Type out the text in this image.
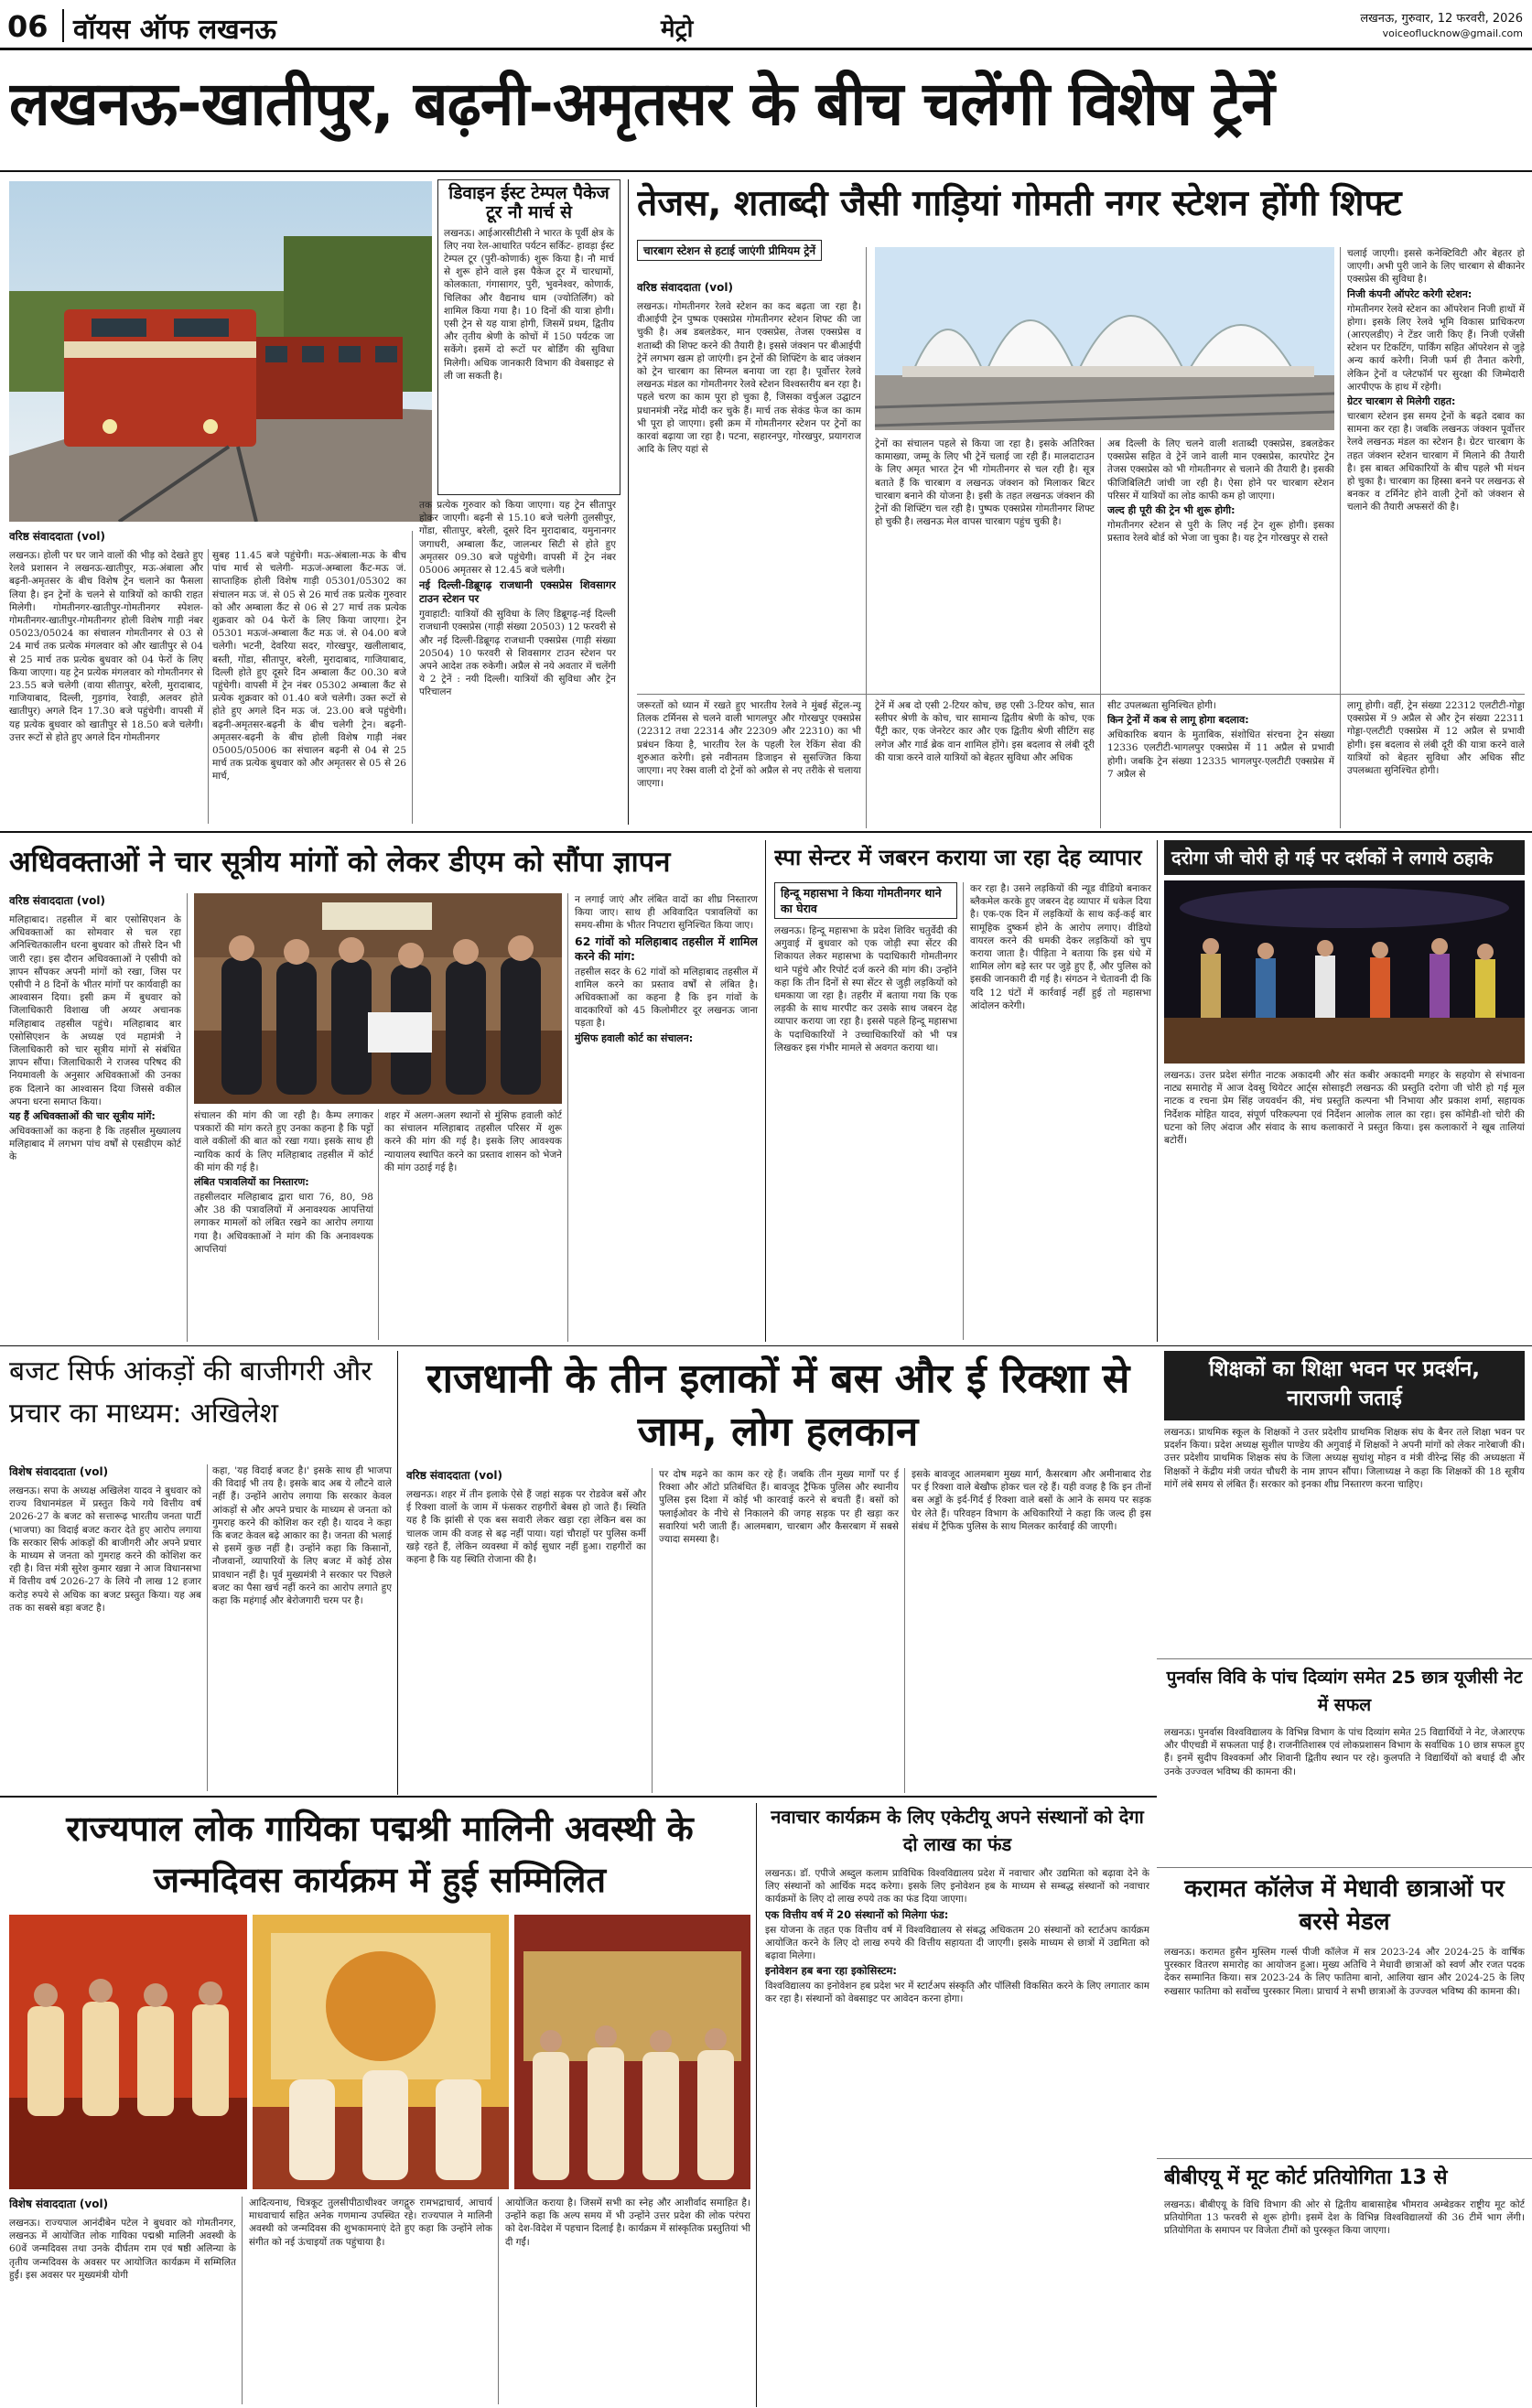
06 वॉयस ऑफ लखनऊ	मेट्रो	लखनऊ, गुरुवार, 12 फरवरी, 2026
voiceoflucknow@gmail.com
लखनऊ-खातीपुर, बढ़नी-अमृतसर के बीच चलेंगी विशेष ट्रेनें
वरिष्ठ संवाददाता (vol)
लखनऊ। होली पर घर जाने वालों की भीड़ को देखते हुए रेलवे प्रशासन ने लखनऊ-खातीपुर, मऊ-अंबाला और बढ़नी-अमृतसर के बीच विशेष ट्रेन चलाने का फैसला लिया है। इन ट्रेनों के चलने से यात्रियों को काफी राहत मिलेगी। गोमतीनगर-खातीपुर-गोमतीनगर स्पेशल- गोमतीनगर-खातीपुर-गोमतीनगर होली विशेष गाड़ी नंबर 05023/05024 का संचालन गोमतीनगर से 03 से 24 मार्च तक प्रत्येक मंगलवार को और खातीपुर से 04 से 25 मार्च तक प्रत्येक बुधवार को 04 फेरों के लिए किया जाएगा। यह ट्रेन प्रत्येक मंगलवार को गोमतीनगर से 23.55 बजे चलेगी (वाया सीतापुर, बरेली, मुरादाबाद, गाजियाबाद, दिल्ली, गुड़गांव, रेवाड़ी, अलवर होते खातीपुर) अगले दिन 17.30 बजे पहुंचेगी। वापसी में यह प्रत्येक बुधवार को खातीपुर से 18.50 बजे चलेगी। उत्तर रूटों से होते हुए अगले दिन गोमतीनगर
सुबह 11.45 बजे पहुंचेगी। मऊ-अंबाला-मऊ के बीच पांच मार्च से चलेगी- मऊजं-अम्बाला कैंट-मऊ जं. साप्ताहिक होली विशेष गाड़ी 05301/05302 का संचालन मऊ जं. से 05 से 26 मार्च तक प्रत्येक गुरुवार को और अम्बाला कैंट से 06 से 27 मार्च तक प्रत्येक शुक्रवार को 04 फेरों के लिए किया जाएगा। ट्रेन 05301 मऊजं-अम्बाला कैंट मऊ जं. से 04.00 बजे चलेगी। भटनी, देवरिया सदर, गोरखपुर, खलीलाबाद, बस्ती, गोंडा, सीतापुर, बरेली, मुरादाबाद, गाजियाबाद, दिल्ली होते हुए दूसरे दिन अम्बाला कैंट 00.30 बजे पहुंचेगी। वापसी में ट्रेन नंबर 05302 अम्बाला कैंट से प्रत्येक शुक्रवार को 01.40 बजे चलेगी। उक्त रूटों से होते हुए अगले दिन मऊ जं. 23.00 बजे पहुंचेगी। बढ़नी-अमृतसर-बढ़नी के बीच चलेगी ट्रेन। बढ़नी-अमृतसर-बढ़नी के बीच होली विशेष गाड़ी नंबर 05005/05006 का संचालन बढ़नी से 04 से 25 मार्च तक प्रत्येक बुधवार को और अमृतसर से 05 से 26 मार्च,

तक प्रत्येक गुरुवार को किया जाएगा। यह ट्रेन सीतापुर होकर जाएगी। बढ़नी से 15.10 बजे चलेगी तुलसीपुर, गोंडा, सीतापुर, बरेली, दूसरे दिन मुरादाबाद, यमुनानगर जगाधरी, अम्बाला कैंट, जालन्धर सिटी से होते हुए अमृतसर 09.30 बजे पहुंचेगी। वापसी में ट्रेन नंबर 05006 अमृतसर से 12.45 बजे चलेगी।

नई दिल्ली-डिब्रूगढ़ राजधानी एक्सप्रेस शिवसागर टाउन स्टेशन पर

गुवाहाटी: यात्रियों की सुविधा के लिए डिब्रूगढ़-नई दिल्ली राजधानी एक्सप्रेस (गाड़ी संख्या 20503) 12 फरवरी से और नई दिल्ली-डिब्रूगढ़ राजधानी एक्सप्रेस (गाड़ी संख्या 20504) 10 फरवरी से शिवसागर टाउन स्टेशन पर अपने आदेश तक रुकेगी। अप्रैल से नये अवतार में चलेंगी ये 2 ट्रेनें : नयी दिल्ली। यात्रियों की सुविधा और ट्रेन परिचालन

डिवाइन ईस्ट टेम्पल पैकेज टूर नौ मार्च से
लखनऊ। आईआरसीटीसी ने भारत के पूर्वी क्षेत्र के लिए नया रेल-आधारित पर्यटन सर्किट- हावड़ा ईस्ट टेम्पल टूर (पुरी-कोणार्क) शुरू किया है। नौ मार्च से शुरू होने वाले इस पैकेज टूर में चारधामों, कोलकाता, गंगासागर, पुरी, भुवनेश्वर, कोणार्क, चिलिका और वैद्यनाथ धाम (ज्योतिर्लिंग) को शामिल किया गया है। 10 दिनों की यात्रा होगी। एसी ट्रेन से यह यात्रा होगी, जिसमें प्रथम, द्वितीय और तृतीय श्रेणी के कोचों में 150 पर्यटक जा सकेंगे। इसमें दो रूटों पर बोर्डिंग की सुविधा मिलेगी। अधिक जानकारी विभाग की वेबसाइट से ली जा सकती है।
तेजस, शताब्दी जैसी गाड़ियां गोमती नगर स्टेशन होंगी शिफ्ट
चारबाग स्टेशन से हटाई जाएंगी प्रीमियम ट्रेनें
वरिष्ठ संवाददाता (vol)
लखनऊ। गोमतीनगर रेलवे स्टेशन का कद बढ़ता जा रहा है। वीआईपी ट्रेन पुष्पक एक्सप्रेस गोमतीनगर स्टेशन शिफ्ट की जा चुकी है। अब डबलडेकर, मान एक्सप्रेस, तेजस एक्सप्रेस व शताब्दी की शिफ्ट करने की तैयारी है। इससे जंक्शन पर बीआईपी ट्रेनें लगभग खत्म हो जाएंगी। इन ट्रेनों की शिफ्टिंग के बाद जंक्शन को ट्रेन चारबाग का सिग्नल बनाया जा रहा है। पूर्वोत्तर रेलवे लखनऊ मंडल का गोमतीनगर रेलवे स्टेशन विश्वस्तरीय बन रहा है। पहले चरण का काम पूरा हो चुका है, जिसका वर्चुअल उद्घाटन प्रधानमंत्री नरेंद्र मोदी कर चुके हैं। मार्च तक सेकंड फेज का काम भी पूरा हो जाएगा। इसी क्रम में गोमतीनगर स्टेशन पर ट्रेनों का कारवां बढ़ाया जा रहा है। पटना, सहारनपुर, गोरखपुर, प्रयागराज आदि के लिए यहां से
ट्रेनों का संचालन पहले से किया जा रहा है। इसके अतिरिक्त कामाख्या, जम्मू के लिए भी ट्रेनें चलाई जा रही हैं। मालदाटाउन के लिए अमृत भारत ट्रेन भी गोमतीनगर से चल रही है। सूत्र बताते हैं कि चारबाग व लखनऊ जंक्शन को मिलाकर बिटर चारबाग बनाने की योजना है। इसी के तहत लखनऊ जंक्शन की ट्रेनों की शिफ्टिंग चल रही है। पुष्पक एक्सप्रेस गोमतीनगर शिफ्ट हो चुकी है। लखनऊ मेल वापस चारबाग पहुंच चुकी है।

अब दिल्ली के लिए चलने वाली शताब्दी एक्सप्रेस, डबलडेकर एक्सप्रेस सहित वे ट्रेनें जाने वाली मान एक्सप्रेस, कारपोरेट ट्रेन तेजस एक्सप्रेस को भी गोमतीनगर से चलाने की तैयारी है। इसकी फीजिबिलिटी जांची जा रही है। ऐसा होने पर चारबाग स्टेशन परिसर में यात्रियों का लोड काफी कम हो जाएगा।

जल्द ही पूरी की ट्रेन भी शुरू होगी:

गोमतीनगर स्टेशन से पुरी के लिए नई ट्रेन शुरू होगी। इसका प्रस्ताव रेलवे बोर्ड को भेजा जा चुका है। यह ट्रेन गोरखपुर से रास्ते

चलाई जाएगी। इससे कनेक्टिविटी और बेहतर हो जाएगी। अभी पुरी जाने के लिए चारबाग से बीकानेर एक्सप्रेस की सुविधा है।

निजी कंपनी ऑपरेट करेगी स्टेशन:

गोमतीनगर रेलवे स्टेशन का ऑपरेशन निजी हाथों में होगा। इसके लिए रेलवे भूमि विकास प्राधिकरण (आरएलडीए) ने टेंडर जारी किए हैं। निजी एजेंसी स्टेशन पर टिकटिंग, पार्किंग सहित ऑपरेशन से जुड़े अन्य कार्य करेगी। निजी फर्म ही तैनात करेगी, लेकिन ट्रेनों व प्लेटफॉर्म पर सुरक्षा की जिम्मेदारी आरपीएफ के हाथ में रहेगी।

ग्रेटर चारबाग से मिलेगी राहत:

चारबाग स्टेशन इस समय ट्रेनों के बढ़ते दबाव का सामना कर रहा है। जबकि लखनऊ जंक्शन पूर्वोत्तर रेलवे लखनऊ मंडल का स्टेशन है। ग्रेटर चारबाग के तहत जंक्शन स्टेशन चारबाग में मिलाने की तैयारी है। इस बाबत अधिकारियों के बीच पहले भी मंथन हो चुका है। चारबाग का हिस्सा बनने पर लखनऊ से बनकर व टर्मिनेट होने वाली ट्रेनों को जंक्शन से चलाने की तैयारी अफसरों की है।

जरूरतों को ध्यान में रखते हुए भारतीय रेलवे ने मुंबई सेंट्रल-न्यू तिलक टर्मिनस से चलने वाली भागलपुर और गोरखपुर एक्सप्रेस (22312 तथा 22314 और 22309 और 22310) का भी प्रबंधन किया है, भारतीय रेल के पहली रेल रेकिंग सेवा की शुरुआत करेगी। इसे नवीनतम डिजाइन से सुसज्जित किया जाएगा। नए रेक्स वाली दो ट्रेनों को अप्रैल से नए तरीके से चलाया जाएगा।
ट्रेनें में अब दो एसी 2-टियर कोच, छह एसी 3-टियर कोच, सात स्लीपर श्रेणी के कोच, चार सामान्य द्वितीय श्रेणी के कोच, एक पैंट्री कार, एक जेनरेटर कार और एक द्वितीय श्रेणी सीटिंग सह लगेज और गार्ड ब्रेक वान शामिल होंगे। इस बदलाव से लंबी दूरी की यात्रा करने वाले यात्रियों को बेहतर सुविधा और अधिक

सीट उपलब्धता सुनिश्चित होगी।

किन ट्रेनों में कब से लागू होगा बदलाव:

अधिकारिक बयान के मुताबिक, संशोधित संरचना ट्रेन संख्या 12336 एलटीटी-भागलपुर एक्सप्रेस में 11 अप्रैल से प्रभावी होगी। जबकि ट्रेन संख्या 12335 भागलपुर-एलटीटी एक्सप्रेस में 7 अप्रैल से

लागू होगी। वहीं, ट्रेन संख्या 22312 एलटीटी-गोड्डा एक्सप्रेस में 9 अप्रैल से और ट्रेन संख्या 22311 गोड्डा-एलटीटी एक्सप्रेस में 12 अप्रैल से प्रभावी होगी। इस बदलाव से लंबी दूरी की यात्रा करने वाले यात्रियों को बेहतर सुविधा और अधिक सीट उपलब्धता सुनिश्चित होगी।
अधिवक्ताओं ने चार सूत्रीय मांगों को लेकर डीएम को सौंपा ज्ञापन
वरिष्ठ संवाददाता (vol)

मलिहाबाद। तहसील में बार एसोसिएशन के अधिवक्ताओं का सोमवार से चल रहा अनिश्चितकालीन धरना बुधवार को तीसरे दिन भी जारी रहा। इस दौरान अधिवक्ताओं ने एसीपी को ज्ञापन सौंपकर अपनी मांगों को रखा, जिस पर एसीपी ने 8 दिनों के भीतर मांगों पर कार्यवाही का आश्वासन दिया। इसी क्रम में बुधवार को जिलाधिकारी विशाख जी अय्यर अचानक मलिहाबाद तहसील पहुंचे। मलिहाबाद बार एसोसिएशन के अध्यक्ष एवं महामंत्री ने जिलाधिकारी को चार सूत्रीय मांगों से संबंधित ज्ञापन सौंपा। जिलाधिकारी ने राजस्व परिषद की नियमावली के अनुसार अधिवक्ताओं की उनका हक दिलाने का आश्वासन दिया जिससे वकील अपना धरना समाप्त किया।

यह हैं अधिवक्ताओं की चार सूत्रीय मांगें:

अधिवक्ताओं का कहना है कि तहसील मुख्यालय मलिहाबाद में लगभग पांच वर्षों से एसडीएम कोर्ट के

संचालन की मांग की जा रही है। कैम्प लगाकर पत्रकारों की मांग करते हुए उनका कहना है कि पट्टों वाले वकीलों की बात को रखा गया। इसके साथ ही न्यायिक कार्य के लिए मलिहाबाद तहसील में कोर्ट की मांग की गई है।

लंबित पत्रावलियों का निस्तारण:

तहसीलदार मलिहाबाद द्वारा धारा 76, 80, 98 और 38 की पत्रावलियों में अनावश्यक आपत्तियां लगाकर मामलों को लंबित रखने का आरोप लगाया गया है। अधिवक्ताओं ने मांग की कि अनावश्यक आपत्तियां

शहर में अलग-अलग स्थानों से मुंसिफ हवाली कोर्ट का संचालन मलिहाबाद तहसील परिसर में शुरू करने की मांग की गई है। इसके लिए आवश्यक न्यायालय स्थापित करने का प्रस्ताव शासन को भेजने की मांग उठाई गई है।

न लगाई जाएं और लंबित वादों का शीघ्र निस्तारण किया जाए। साथ ही अविवादित पत्रावलियों का समय-सीमा के भीतर निपटारा सुनिश्चित किया जाए।

62 गांवों को मलिहाबाद तहसील में शामिल करने की मांग:

तहसील सदर के 62 गांवों को मलिहाबाद तहसील में शामिल करने का प्रस्ताव वर्षों से लंबित है। अधिवक्ताओं का कहना है कि इन गांवों के वादकारियों को 45 किलोमीटर दूर लखनऊ जाना पड़ता है।

मुंसिफ हवाली कोर्ट का संचालन:

स्पा सेन्टर में जबरन कराया जा रहा देह व्यापार
हिन्दू महासभा ने किया गोमतीनगर थाने का घेराव
लखनऊ। हिन्दू महासभा के प्रदेश शिविर चतुर्वेदी की अगुवाई में बुधवार को एक जोड़ी स्पा सेंटर की शिकायत लेकर महासभा के पदाधिकारी गोमतीनगर थाने पहुंचे और रिपोर्ट दर्ज करने की मांग की। उन्होंने कहा कि तीन दिनों से स्पा सेंटर से जुड़ी लड़कियों को धमकाया जा रहा है। तहरीर में बताया गया कि एक लड़की के साथ मारपीट कर उसके साथ जबरन देह व्यापार कराया जा रहा है। इससे पहले हिन्दू महासभा के पदाधिकारियों ने उच्चाधिकारियों को भी पत्र लिखकर इस गंभीर मामले से अवगत कराया था।
कर रहा है। उसने लड़कियों की न्यूड वीडियो बनाकर ब्लैकमेल करके हुए जबरन देह व्यापार में धकेल दिया है। एक-एक दिन में लड़कियों के साथ कई-कई बार सामूहिक दुष्कर्म होने के आरोप लगाए। वीडियो वायरल करने की धमकी देकर लड़कियों को चुप कराया जाता है। पीड़िता ने बताया कि इस धंधे में शामिल लोग बड़े स्तर पर जुड़े हुए हैं, और पुलिस को इसकी जानकारी दी गई है। संगठन ने चेतावनी दी कि यदि 12 घंटों में कार्रवाई नहीं हुई तो महासभा आंदोलन करेगी।
दरोगा जी चोरी हो गई पर दर्शकों ने लगाये ठहाके
लखनऊ। उत्तर प्रदेश संगीत नाटक अकादमी और संत कबीर अकादमी मगहर के सहयोग से संभावना नाट्य समारोह में आज देवसु थियेटर आर्ट्स सोसाइटी लखनऊ की प्रस्तुति दरोगा जी चोरी हो गई मूल नाटक व रचना प्रेम सिंह जयवर्धन की, मंच प्रस्तुति कल्पना भी निभाया और प्रकाश शर्मा, सहायक निर्देशक मोहित यादव, संपूर्ण परिकल्पना एवं निर्देशन आलोक लाल का रहा। इस कॉमेडी-शो चोरी की घटना को लिए अंदाज और संवाद के साथ कलाकारों ने प्रस्तुत किया। इस कलाकारों ने खूब तालियां बटोरीं।
शिक्षकों का शिक्षा भवन पर प्रदर्शन, नाराजगी जताई
लखनऊ। प्राथमिक स्कूल के शिक्षकों ने उत्तर प्रदेशीय प्राथमिक शिक्षक संघ के बैनर तले शिक्षा भवन पर प्रदर्शन किया। प्रदेश अध्यक्ष सुशील पाण्डेय की अगुवाई में शिक्षकों ने अपनी मांगों को लेकर नारेबाजी की। उत्तर प्रदेशीय प्राथमिक शिक्षक संघ के जिला अध्यक्ष सुधांशु मोहन व मंत्री वीरेन्द्र सिंह की अध्यक्षता में शिक्षकों ने केंद्रीय मंत्री जयंत चौधरी के नाम ज्ञापन सौंपा। जिलाध्यक्ष ने कहा कि शिक्षकों की 18 सूत्रीय मांगें लंबे समय से लंबित हैं। सरकार को इनका शीघ्र निस्तारण करना चाहिए।
पुनर्वास विवि के पांच दिव्यांग समेत 25 छात्र यूजीसी नेट में सफल
लखनऊ। पुनर्वास विश्वविद्यालय के विभिन्न विभाग के पांच दिव्यांग समेत 25 विद्यार्थियों ने नेट, जेआरएफ और पीएचडी में सफलता पाई है। राजनीतिशास्त्र एवं लोकप्रशासन विभाग के सर्वाधिक 10 छात्र सफल हुए हैं। इनमें सुदीप विश्वकर्मा और शिवानी द्वितीय स्थान पर रहे। कुलपति ने विद्यार्थियों को बधाई दी और उनके उज्ज्वल भविष्य की कामना की।
करामत कॉलेज में मेधावी छात्राओं पर बरसे मेडल
लखनऊ। करामत हुसैन मुस्लिम गर्ल्स पीजी कॉलेज में सत्र 2023-24 और 2024-25 के वार्षिक पुरस्कार वितरण समारोह का आयोजन हुआ। मुख्य अतिथि ने मेधावी छात्राओं को स्वर्ण और रजत पदक देकर सम्मानित किया। सत्र 2023-24 के लिए फातिमा बानो, आलिया खान और 2024-25 के लिए रुखसार फातिमा को सर्वोच्च पुरस्कार मिला। प्राचार्य ने सभी छात्राओं के उज्ज्वल भविष्य की कामना की।
बीबीएयू में मूट कोर्ट प्रतियोगिता 13 से
लखनऊ। बीबीएयू के विधि विभाग की ओर से द्वितीय बाबासाहेब भीमराव अम्बेडकर राष्ट्रीय मूट कोर्ट प्रतियोगिता 13 फरवरी से शुरू होगी। इसमें देश के विभिन्न विश्वविद्यालयों की 36 टीमें भाग लेंगी। प्रतियोगिता के समापन पर विजेता टीमों को पुरस्कृत किया जाएगा।
बजट सिर्फ आंकड़ों की बाजीगरी और प्रचार का माध्यम: अखिलेश
विशेष संवाददाता (vol)
लखनऊ। सपा के अध्यक्ष अखिलेश यादव ने बुधवार को राज्य विधानमंडल में प्रस्तुत किये गये वित्तीय वर्ष 2026-27 के बजट को सत्तारूढ़ भारतीय जनता पार्टी (भाजपा) का विदाई बजट करार देते हुए आरोप लगाया कि सरकार सिर्फ आंकड़ों की बाजीगरी और अपने प्रचार के माध्यम से जनता को गुमराह करने की कोशिश कर रही है। वित्त मंत्री सुरेश कुमार खन्ना ने आज विधानसभा में वित्तीय वर्ष 2026-27 के लिये नौ लाख 12 हजार करोड़ रुपये से अधिक का बजट प्रस्तुत किया। यह अब तक का सबसे बड़ा बजट है।
कहा, 'यह विदाई बजट है।' इसके साथ ही भाजपा की विदाई भी तय है। इसके बाद अब ये लौटने वाले नहीं हैं। उन्होंने आरोप लगाया कि सरकार केवल आंकड़ों से और अपने प्रचार के माध्यम से जनता को गुमराह करने की कोशिश कर रही है। यादव ने कहा कि बजट केवल बढ़े आकार का है। जनता की भलाई से इसमें कुछ नहीं है। उन्होंने कहा कि किसानों, नौजवानों, व्यापारियों के लिए बजट में कोई ठोस प्रावधान नहीं है। पूर्व मुख्यमंत्री ने सरकार पर पिछले बजट का पैसा खर्च नहीं करने का आरोप लगाते हुए कहा कि महंगाई और बेरोजगारी चरम पर है।
राजधानी के तीन इलाकों में बस और ई रिक्शा से जाम, लोग हलकान
वरिष्ठ संवाददाता (vol)
लखनऊ। शहर में तीन इलाके ऐसे हैं जहां सड़क पर रोडवेज बसें और ई रिक्शा वालों के जाम में फंसकर राहगीरों बेबस हो जाते हैं। स्थिति यह है कि झांसी से एक बस सवारी लेकर खड़ा रहा लेकिन बस का चालक जाम की वजह से बढ़ नहीं पाया। यहां चौराहों पर पुलिस कर्मी खड़े रहते हैं, लेकिन व्यवस्था में कोई सुधार नहीं हुआ। राहगीरों का कहना है कि यह स्थिति रोजाना की है।
पर दोष मढ़ने का काम कर रहे हैं। जबकि तीन मुख्य मार्गों पर ई रिक्शा और ऑटो प्रतिबंधित हैं। बावजूद ट्रैफिक पुलिस और स्थानीय पुलिस इस दिशा में कोई भी कारवाई करने से बचती हैं। बसों को फ्लाईओवर के नीचे से निकालने की जगह सड़क पर ही खड़ा कर सवारियां भरी जाती हैं। आलमबाग, चारबाग और कैसरबाग में सबसे ज्यादा समस्या है।
इसके बावजूद आलमबाग मुख्य मार्ग, कैसरबाग और अमीनाबाद रोड पर ई रिक्शा वाले बेखौफ होकर चल रहे हैं। यही वजह है कि इन तीनों बस अड्डों के इर्द-गिर्द ई रिक्शा वाले बसों के आने के समय पर सड़क घेर लेते हैं। परिवहन विभाग के अधिकारियों ने कहा कि जल्द ही इस संबंध में ट्रैफिक पुलिस के साथ मिलकर कार्रवाई की जाएगी।
राज्यपाल लोक गायिका पद्मश्री मालिनी अवस्थी के जन्मदिवस कार्यक्रम में हुई सम्मिलित
विशेष संवाददाता (vol)
लखनऊ। राज्यपाल आनंदीबेन पटेल ने बुधवार को गोमतीनगर, लखनऊ में आयोजित लोक गायिका पद्मश्री मालिनी अवस्थी के 60वें जन्मदिवस तथा उनके दीर्घतम राम एवं षष्ठी अलिन्या के तृतीय जन्मदिवस के अवसर पर आयोजित कार्यक्रम में सम्मिलित हुईं। इस अवसर पर मुख्यमंत्री योगी
आदित्यनाथ, चित्रकूट तुलसीपीठाधीश्वर जगद्गुरु रामभद्राचार्य, आचार्य माधवाचार्य सहित अनेक गणमान्य उपस्थित रहे। राज्यपाल ने मालिनी अवस्थी को जन्मदिवस की शुभकामनाएं देते हुए कहा कि उन्होंने लोक संगीत को नई ऊंचाइयों तक पहुंचाया है।
आयोजित कराया है। जिसमें सभी का स्नेह और आशीर्वाद समाहित है। उन्होंने कहा कि अल्प समय में भी उन्होंने उत्तर प्रदेश की लोक परंपरा को देश-विदेश में पहचान दिलाई है। कार्यक्रम में सांस्कृतिक प्रस्तुतियां भी दी गईं।
नवाचार कार्यक्रम के लिए एकेटीयू अपने संस्थानों को देगा दो लाख का फंड

लखनऊ। डॉ. एपीजे अब्दुल कलाम प्राविधिक विश्वविद्यालय प्रदेश में नवाचार और उद्यमिता को बढ़ावा देने के लिए संस्थानों को आर्थिक मदद करेगा। इसके लिए इनोवेशन हब के माध्यम से सम्बद्ध संस्थानों को नवाचार कार्यक्रमों के लिए दो लाख रुपये तक का फंड दिया जाएगा।

एक वित्तीय वर्ष में 20 संस्थानों को मिलेगा फंड:

इस योजना के तहत एक वित्तीय वर्ष में विश्वविद्यालय से संबद्ध अधिकतम 20 संस्थानों को स्टार्टअप कार्यक्रम आयोजित करने के लिए दो लाख रुपये की वित्तीय सहायता दी जाएगी। इसके माध्यम से छात्रों में उद्यमिता को बढ़ावा मिलेगा।

इनोवेशन हब बना रहा इकोसिस्टम:

विश्वविद्यालय का इनोवेशन हब प्रदेश भर में स्टार्टअप संस्कृति और पॉलिसी विकसित करने के लिए लगातार काम कर रहा है। संस्थानों को वेबसाइट पर आवेदन करना होगा।
